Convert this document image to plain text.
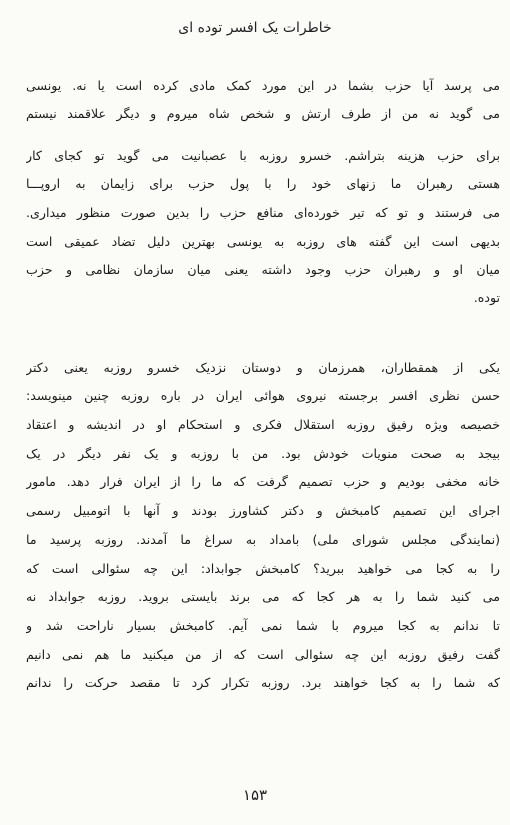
خاطرات یک افسر توده ای
می پرسد آیا حزب بشما در این مورد کمک مادی کرده است یا نه. یونسی
می گوید نه من از طرف ارتش و شخص شاه میروم و دیگر علاقمند نیستم
برای حزب هزینه بتراشم. خسرو روزبه با عصبانیت می گوید تو کجای کار
هستی رهبران ما زنهای خود را با پول حزب برای زایمان به اروپـــا
می فرستند و تو که تیر خورده‌ای منافع حزب را بدین صورت منظور میداری.
بدیهی است این گفته های روزبه به یونسی بهترین دلیل تضاد عمیقی است
میان او و رهبران حزب وجود داشته یعنی میان سازمان نظامی و حزب
توده.
یکی از همقطاران، همرزمان و دوستان نزدیک خسرو روزبه یعنی دکتر
حسن نظری افسر برجسته نیروی هوائی ایران در باره روزبه چنین مینویسد:
خصیصه ویژه رفیق روزبه استقلال فکری و استحکام او در اندیشه و اعتقاد
بیجد به صحت منویات خودش بود. من با روزبه و یک نفر دیگر در یک
خانه مخفی بودیم و حزب تصمیم گرفت که ما را از ایران فرار دهد. مامور
اجرای این تصمیم کامبخش و دکتر کشاورز بودند و آنها با اتومبیل رسمی
(نمایندگی مجلس شورای ملی) بامداد به سراغ ما آمدند. روزبه پرسید ما
را به کجا می خواهید ببرید؟ کامبخش جوابداد: این چه سئوالی است که
می کنید شما را به هر کجا که می برند بایستی بروید. روزبه جوابداد نه
تا ندانم به کجا میروم با شما نمی آیم. کامبخش بسیار ناراحت شد و
گفت رفیق روزبه این چه سئوالی است که از من میکنید ما هم نمی دانیم
که شما را به کجا خواهند برد. روزبه تکرار کرد تا مقصد حرکت را ندانم
۱۵۳
